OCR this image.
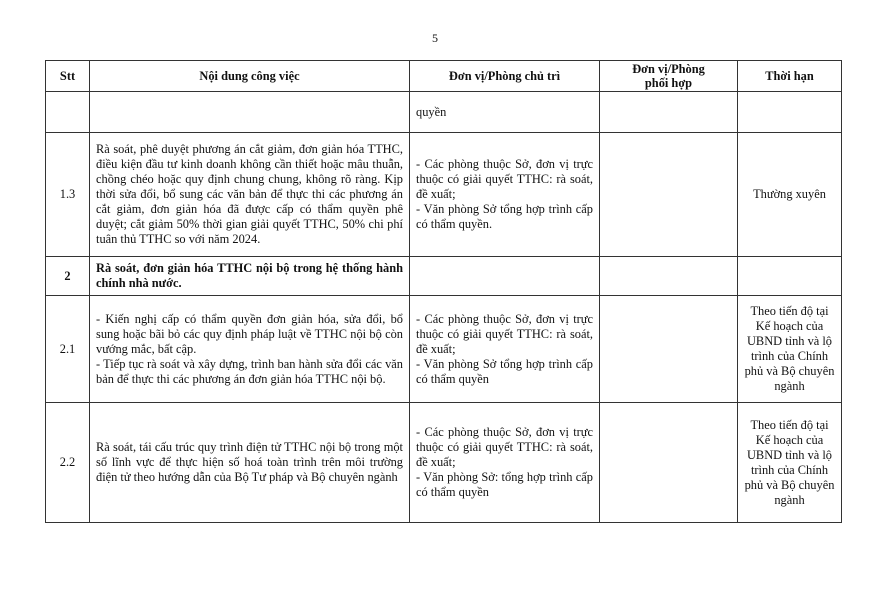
5
Stt	Nội dung công việc	Đơn vị/Phòng chủ trì	Đơn vị/Phòng
phối hợp	Thời hạn
		quyền		
1.3	Rà soát, phê duyệt phương án cắt giảm, đơn giản hóa TTHC, điều kiện đầu tư kinh doanh không cần thiết hoặc mâu thuẫn, chồng chéo hoặc quy định chung chung, không rõ ràng. Kịp thời sửa đổi, bổ sung các văn bản để thực thi các phương án cắt giảm, đơn giản hóa đã được cấp có thẩm quyền phê duyệt; cắt giảm 50% thời gian giải quyết TTHC, 50% chi phí tuân thủ TTHC so với năm 2024.	- Các phòng thuộc Sở, đơn vị trực thuộc có giải quyết TTHC: rà soát, đề xuất;
- Văn phòng Sở tổng hợp trình cấp có thẩm quyền.		Thường xuyên
2	Rà soát, đơn giản hóa TTHC nội bộ trong hệ thống hành chính nhà nước.			
2.1	- Kiến nghị cấp có thẩm quyền đơn giản hóa, sửa đổi, bổ sung hoặc bãi bỏ các quy định pháp luật về TTHC nội bộ còn vướng mắc, bất cập.
- Tiếp tục rà soát và xây dựng, trình ban hành sửa đổi các văn bản để thực thi các phương án đơn giản hóa TTHC nội bộ.	- Các phòng thuộc Sở, đơn vị trực thuộc có giải quyết TTHC: rà soát, đề xuất;
- Văn phòng Sở tổng hợp trình cấp có thẩm quyền		Theo tiến độ tại Kế hoạch của UBND tỉnh và lộ trình của Chính phủ và Bộ chuyên ngành
2.2	Rà soát, tái cấu trúc quy trình điện tử TTHC nội bộ trong một số lĩnh vực để thực hiện số hoá toàn trình trên môi trường điện tử theo hướng dẫn của Bộ Tư pháp và Bộ chuyên ngành	- Các phòng thuộc Sở, đơn vị trực thuộc có giải quyết TTHC: rà soát, đề xuất;
- Văn phòng Sở: tổng hợp trình cấp có thẩm quyền		Theo tiến độ tại Kế hoạch của UBND tỉnh và lộ trình của Chính phủ và Bộ chuyên ngành
